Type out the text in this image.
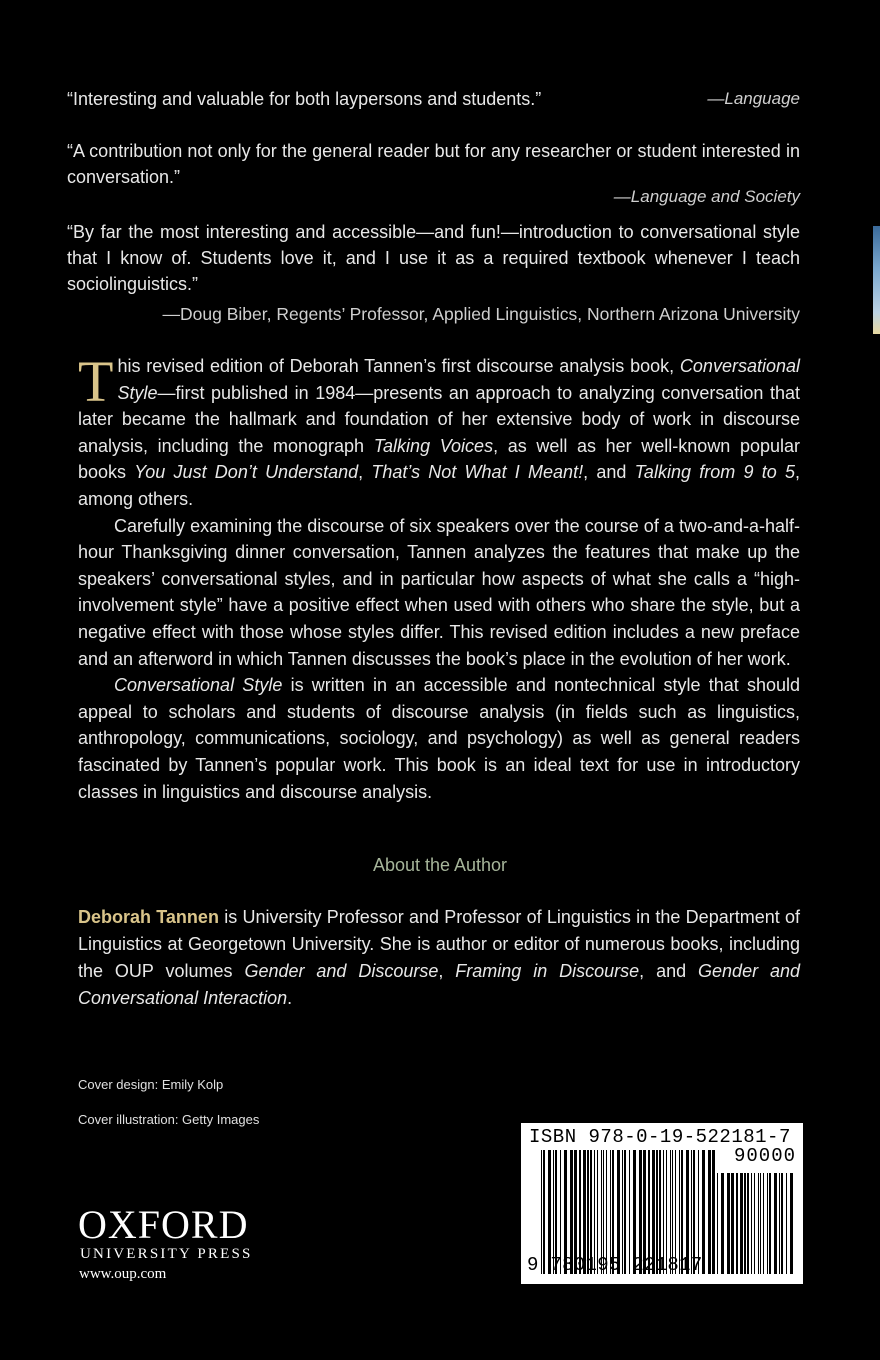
“Interesting and valuable for both laypersons and students.”	—Language
“A contribution not only for the general reader but for any researcher or student interested in conversation.”
—Language and Society
“By far the most interesting and accessible—and fun!—introduction to conversational style that I know of. Students love it, and I use it as a required textbook whenever I teach sociolinguistics.”
—Doug Biber, Regents’ Professor, Applied Linguistics, Northern Arizona University

This revised edition of Deborah Tannen’s first discourse analysis book, Conversational Style—first published in 1984—presents an approach to analyzing conversation that later became the hallmark and foundation of her extensive body of work in discourse analysis, including the monograph Talking Voices, as well as her well-known popular books You Just Don’t Understand, That’s Not What I Meant!, and Talking from 9 to 5, among others.

Carefully examining the discourse of six speakers over the course of a two-and-a-half-hour Thanksgiving dinner conversation, Tannen analyzes the features that make up the speakers’ conversational styles, and in particular how aspects of what she calls a “high-involvement style” have a positive effect when used with others who share the style, but a negative effect with those whose styles differ. This revised edition includes a new preface and an afterword in which Tannen discusses the book’s place in the evolution of her work.

Conversational Style is written in an accessible and nontechnical style that should appeal to scholars and students of discourse analysis (in fields such as linguistics, anthropology, communications, sociology, and psychology) as well as general readers fascinated by Tannen’s popular work. This book is an ideal text for use in introductory classes in linguistics and discourse analysis.

About the Author
Deborah Tannen is University Professor and Professor of Linguistics in the Department of Linguistics at Georgetown University. She is author or editor of numerous books, including the OUP volumes Gender and Discourse, Framing in Discourse, and Gender and Conversational Interaction.
Cover design: Emily Kolp
Cover illustration: Getty Images
OXFORD
UNIVERSITY PRESS
www.oup.com
ISBN 978-0-19-522181-7
90000
9 780195 221817
